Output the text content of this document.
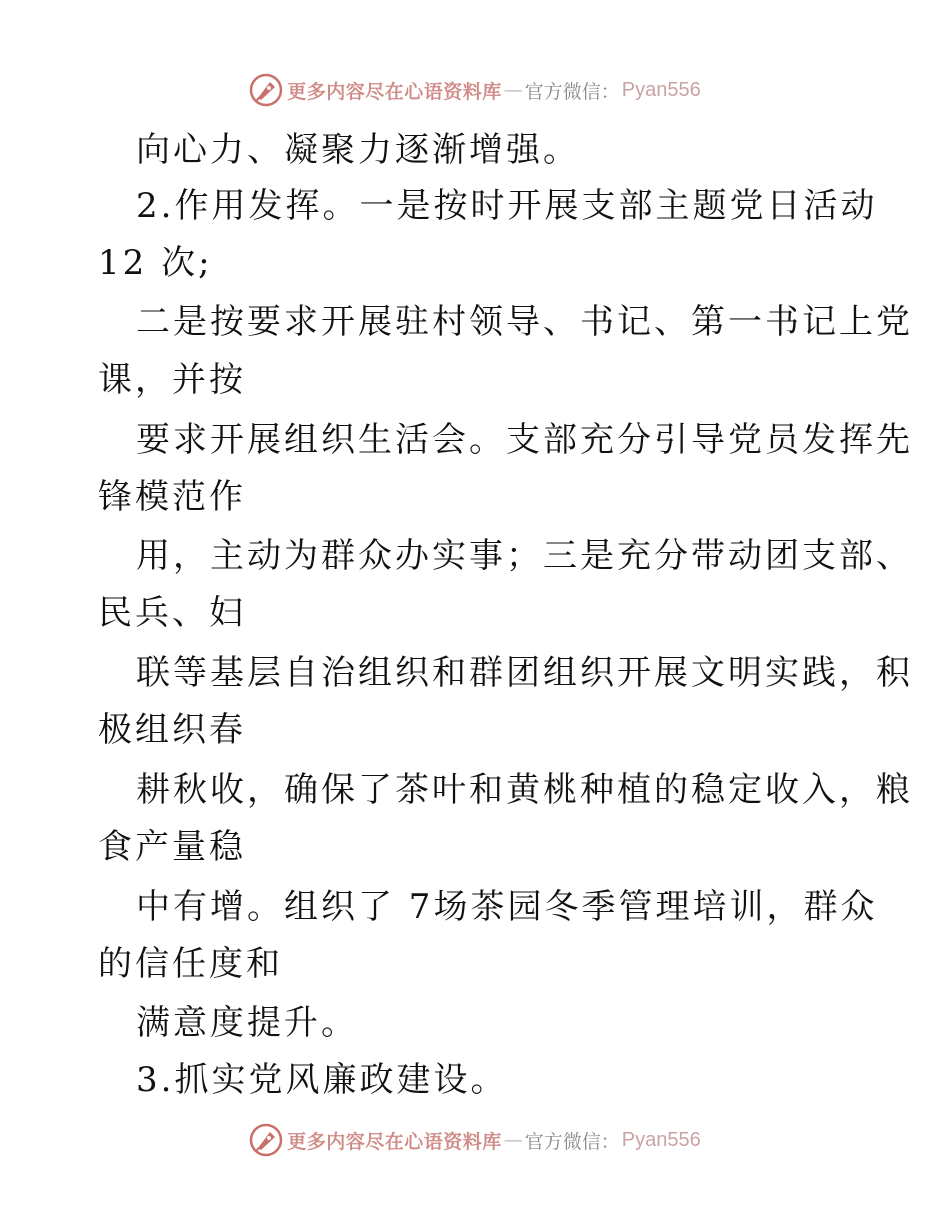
更多内容尽在心语资料库 — 官方微信： Pyan556
向心力、凝聚力逐渐增强。
2.作用发挥。一是按时开展支部主题党日活动
12 次;
二是按要求开展驻村领导、书记、第一书记上党
课，并按
要求开展组织生活会。支部充分引导党员发挥先
锋模范作
用，主动为群众办实事；三是充分带动团支部、
民兵、妇
联等基层自治组织和群团组织开展文明实践，积
极组织春
耕秋收，确保了茶叶和黄桃种植的稳定收入，粮
食产量稳
中有增。组织了 7场茶园冬季管理培训，群众
的信任度和
满意度提升。
3.抓实党风廉政建设。
更多内容尽在心语资料库 — 官方微信： Pyan556
